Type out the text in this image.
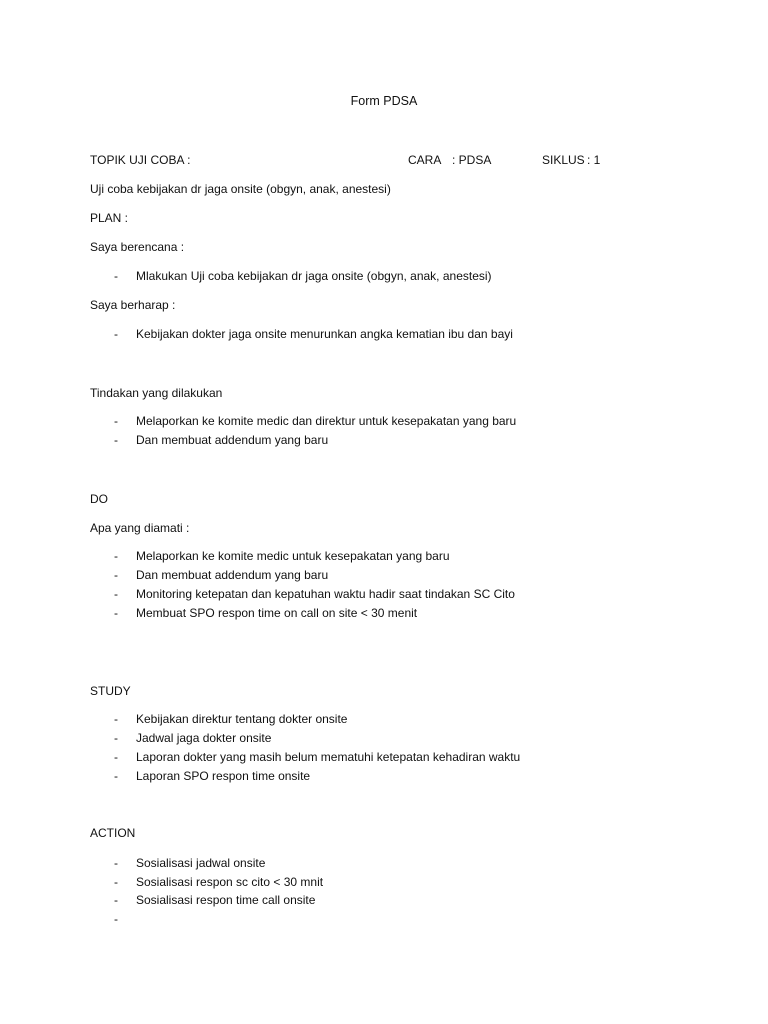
Form PDSA
TOPIK UJI COBA :	CARA : PDSA	SIKLUS : 1
Uji coba kebijakan dr jaga onsite (obgyn, anak, anestesi)
PLAN :
Saya berencana :
- Mlakukan Uji coba kebijakan dr jaga onsite (obgyn, anak, anestesi)
Saya berharap :
- Kebijakan dokter jaga onsite menurunkan angka kematian ibu dan bayi
Tindakan yang dilakukan
- Melaporkan ke komite medic dan direktur untuk kesepakatan yang baru
- Dan membuat addendum yang baru
DO
Apa yang diamati :
- Melaporkan ke komite medic untuk kesepakatan yang baru
- Dan membuat addendum yang baru
- Monitoring ketepatan dan kepatuhan waktu hadir saat tindakan SC Cito
- Membuat SPO respon time on call on site < 30 menit
STUDY
- Kebijakan direktur tentang dokter onsite
- Jadwal jaga dokter onsite
- Laporan dokter yang masih belum mematuhi ketepatan kehadiran waktu
- Laporan SPO respon time onsite
ACTION
- Sosialisasi jadwal onsite
- Sosialisasi respon sc cito < 30 mnit
- Sosialisasi respon time call onsite
-
